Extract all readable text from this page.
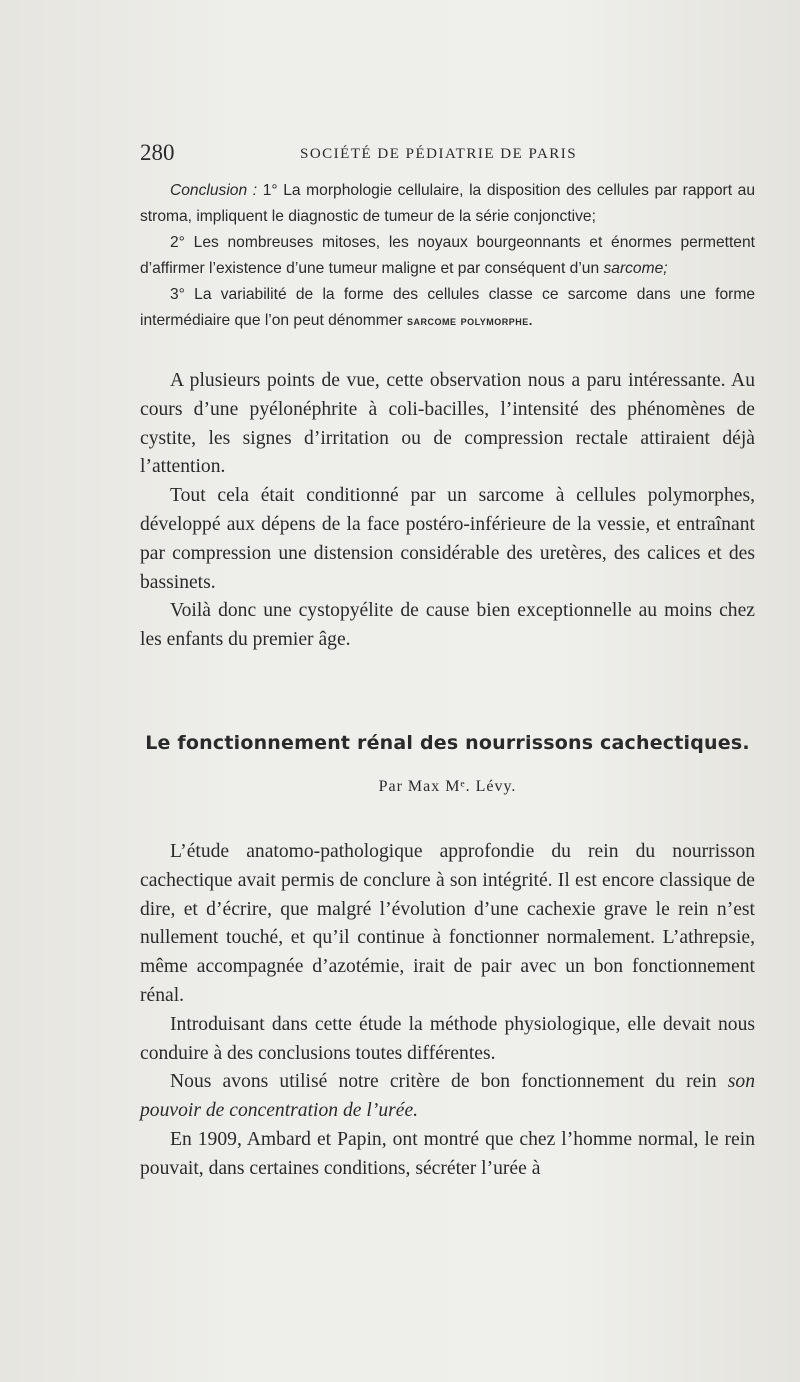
280	SOCIÉTÉ DE PÉDIATRIE DE PARIS

Conclusion : 1° La morphologie cellulaire, la disposition des cellules par rapport au stroma, impliquent le diagnostic de tumeur de la série conjonctive;

2° Les nombreuses mitoses, les noyaux bourgeonnants et énormes permettent d’affirmer l’existence d’une tumeur maligne et par conséquent d’un sarcome;

3° La variabilité de la forme des cellules classe ce sarcome dans une forme intermédiaire que l’on peut dénommer sarcome polymorphe.

A plusieurs points de vue, cette observation nous a paru intéressante. Au cours d’une pyélonéphrite à coli-bacilles, l’intensité des phénomènes de cystite, les signes d’irritation ou de compression rectale attiraient déjà l’attention.

Tout cela était conditionné par un sarcome à cellules polymorphes, développé aux dépens de la face postéro-inférieure de la vessie, et entraînant par compression une distension considérable des uretères, des calices et des bassinets.

Voilà donc une cystopyélite de cause bien exceptionnelle au moins chez les enfants du premier âge.

Le fonctionnement rénal des nourrissons cachectiques.
Par Max Mᵉ. Lévy.

L’étude anatomo-pathologique approfondie du rein du nourrisson cachectique avait permis de conclure à son intégrité. Il est encore classique de dire, et d’écrire, que malgré l’évolution d’une cachexie grave le rein n’est nullement touché, et qu’il continue à fonctionner normalement. L’athrepsie, même accompagnée d’azotémie, irait de pair avec un bon fonctionnement rénal.

Introduisant dans cette étude la méthode physiologique, elle devait nous conduire à des conclusions toutes différentes.

Nous avons utilisé notre critère de bon fonctionnement du rein son pouvoir de concentration de l’urée.

En 1909, Ambard et Papin, ont montré que chez l’homme normal, le rein pouvait, dans certaines conditions, sécréter l’urée à
